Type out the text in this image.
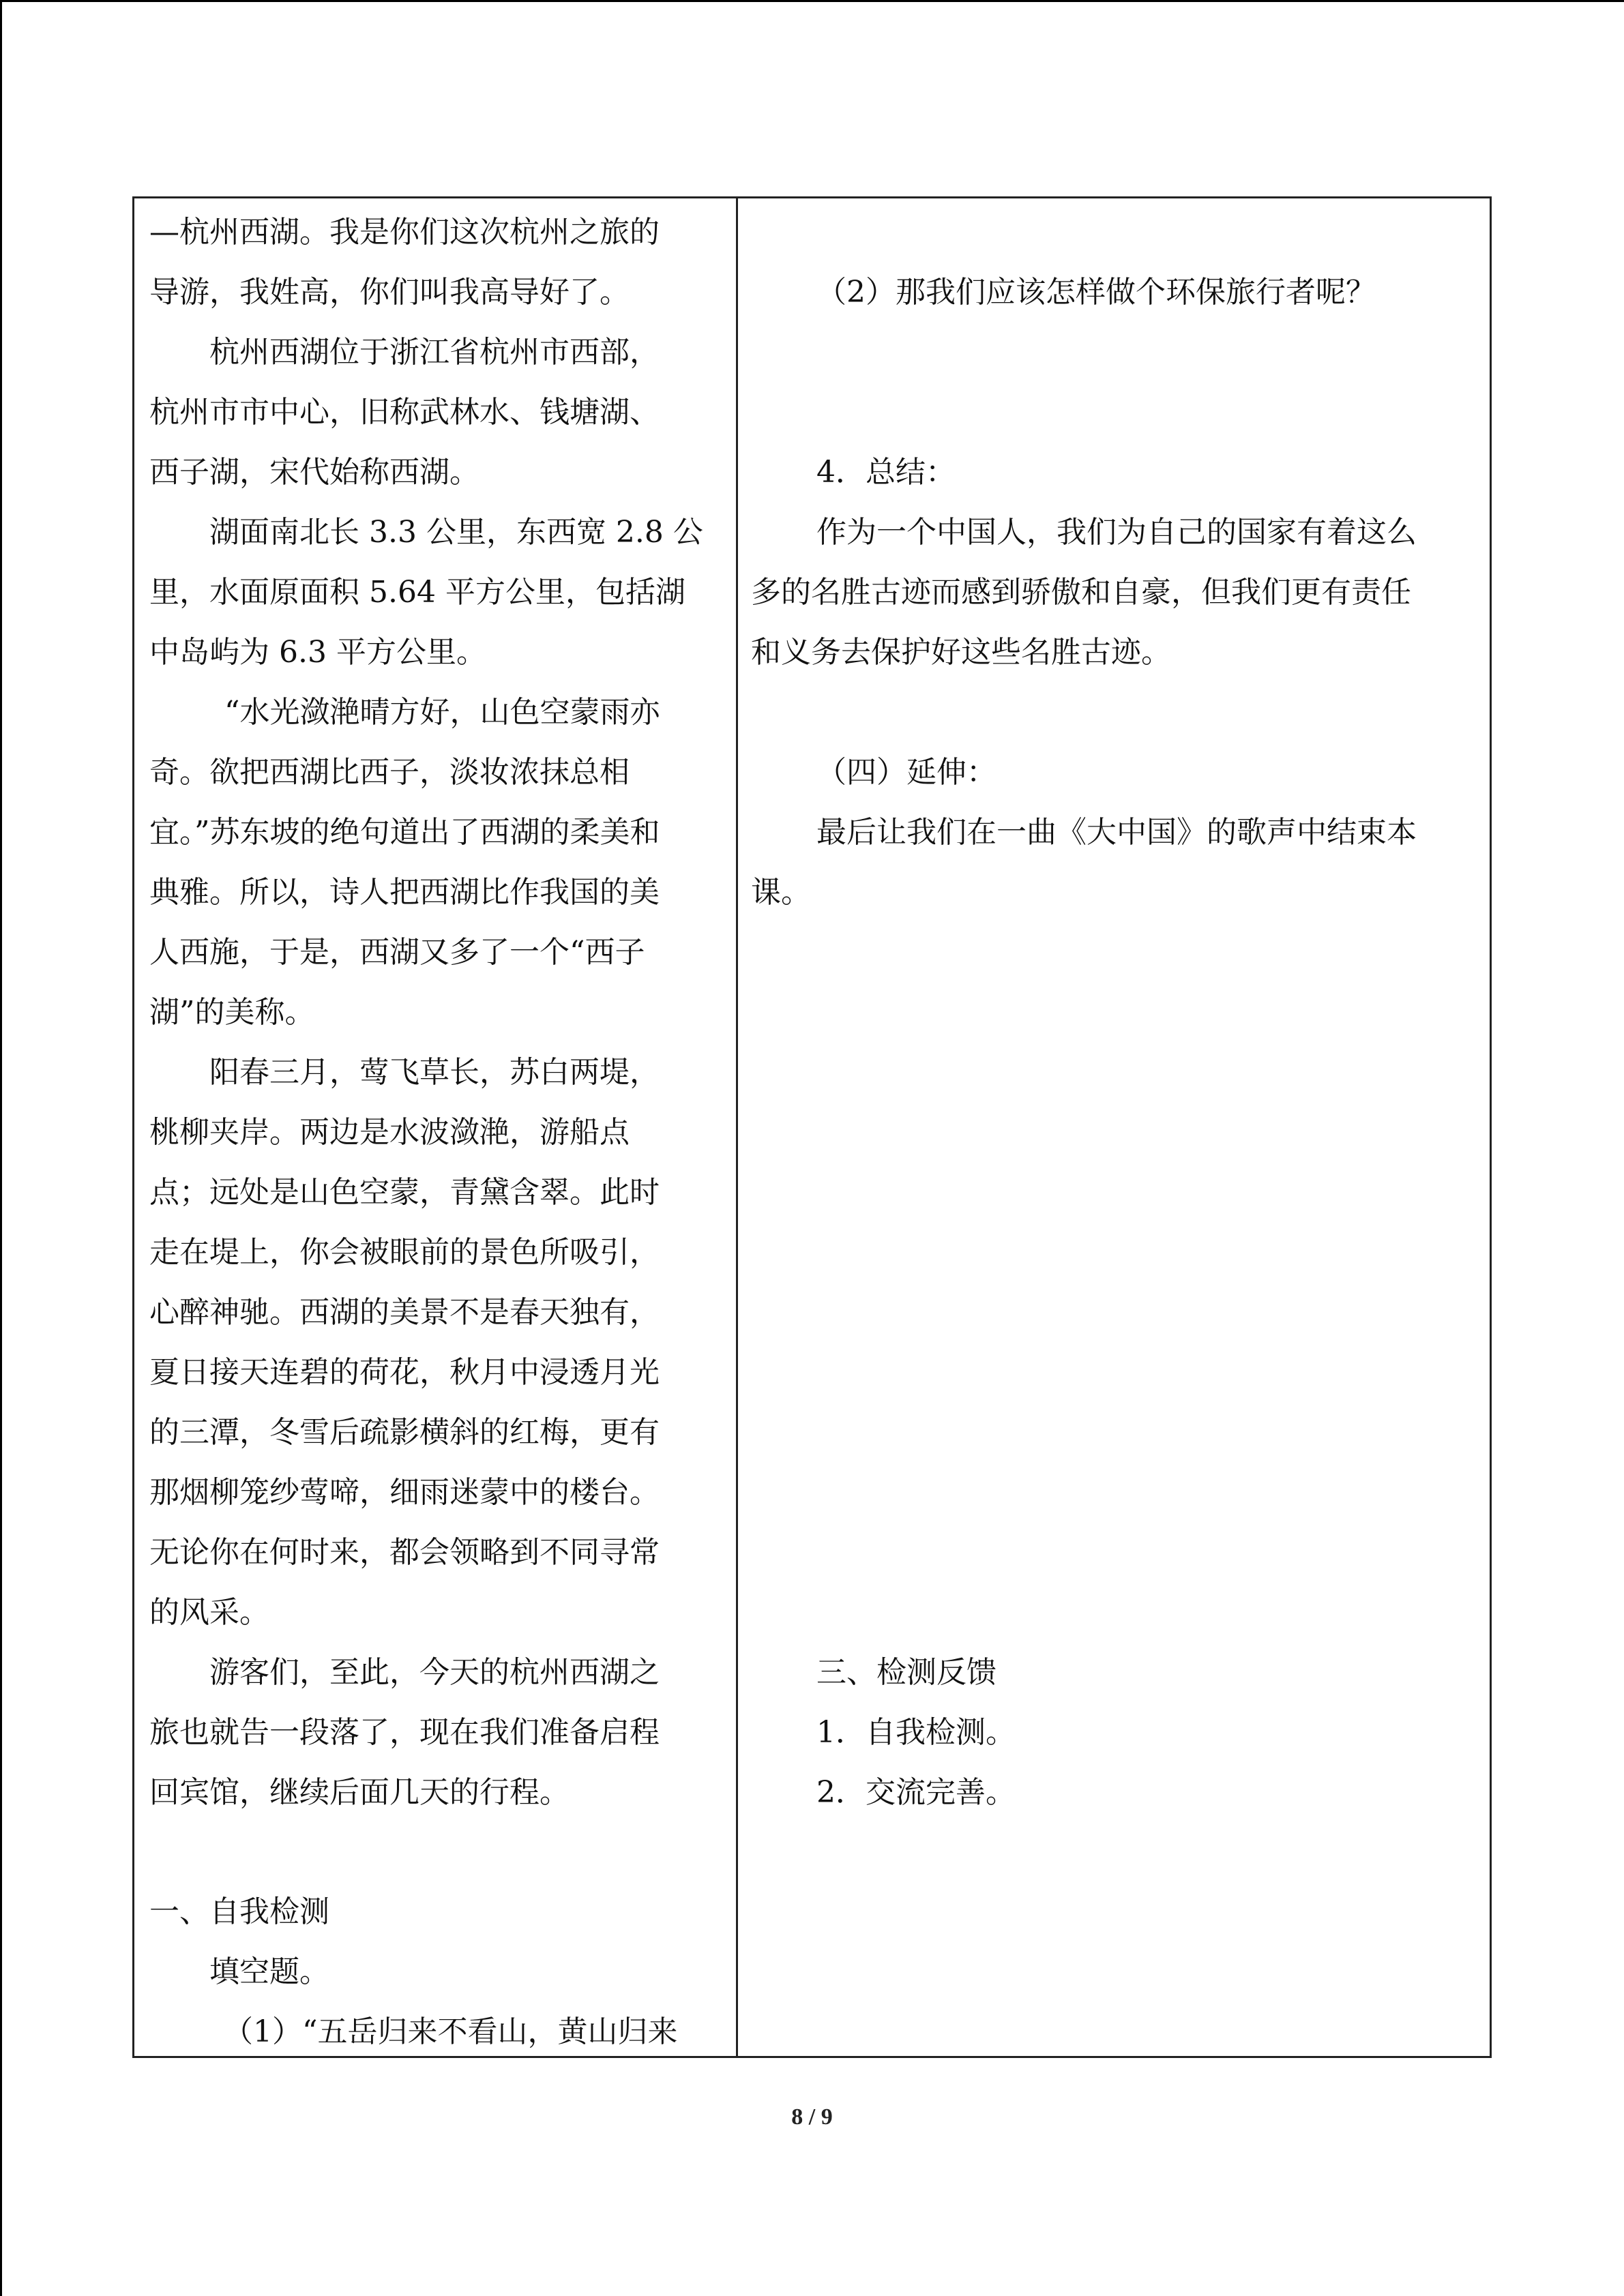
—杭州西湖。我是你们这次杭州之旅的
导游，我姓高，你们叫我高导好了。
杭州西湖位于浙江省杭州市西部，
杭州市市中心，旧称武林水、钱塘湖、
西子湖，宋代始称西湖。
湖面南北长 3.3 公里，东西宽 2.8 公
里，水面原面积 5.64 平方公里，包括湖
中岛屿为 6.3 平方公里。
“水光潋滟晴方好，山色空蒙雨亦
奇。欲把西湖比西子，淡妆浓抹总相
宜。”苏东坡的绝句道出了西湖的柔美和
典雅。所以，诗人把西湖比作我国的美
人西施，于是，西湖又多了一个“西子
湖”的美称。
阳春三月，莺飞草长，苏白两堤，
桃柳夹岸。两边是水波潋滟，游船点
点；远处是山色空蒙，青黛含翠。此时
走在堤上，你会被眼前的景色所吸引，
心醉神驰。西湖的美景不是春天独有，
夏日接天连碧的荷花，秋月中浸透月光
的三潭，冬雪后疏影横斜的红梅，更有
那烟柳笼纱莺啼，细雨迷蒙中的楼台。
无论你在何时来，都会领略到不同寻常
的风采。
游客们，至此，今天的杭州西湖之
旅也就告一段落了，现在我们准备启程
回宾馆，继续后面几天的行程。
一、自我检测
填空题。
（1）“五岳归来不看山，黄山归来
（2）那我们应该怎样做个环保旅行者呢？
4．总结：
作为一个中国人，我们为自己的国家有着这么
多的名胜古迹而感到骄傲和自豪，但我们更有责任
和义务去保护好这些名胜古迹。
（四）延伸：
最后让我们在一曲《大中国》的歌声中结束本
课。
三、检测反馈
1．自我检测。
2．交流完善。
8 / 9
